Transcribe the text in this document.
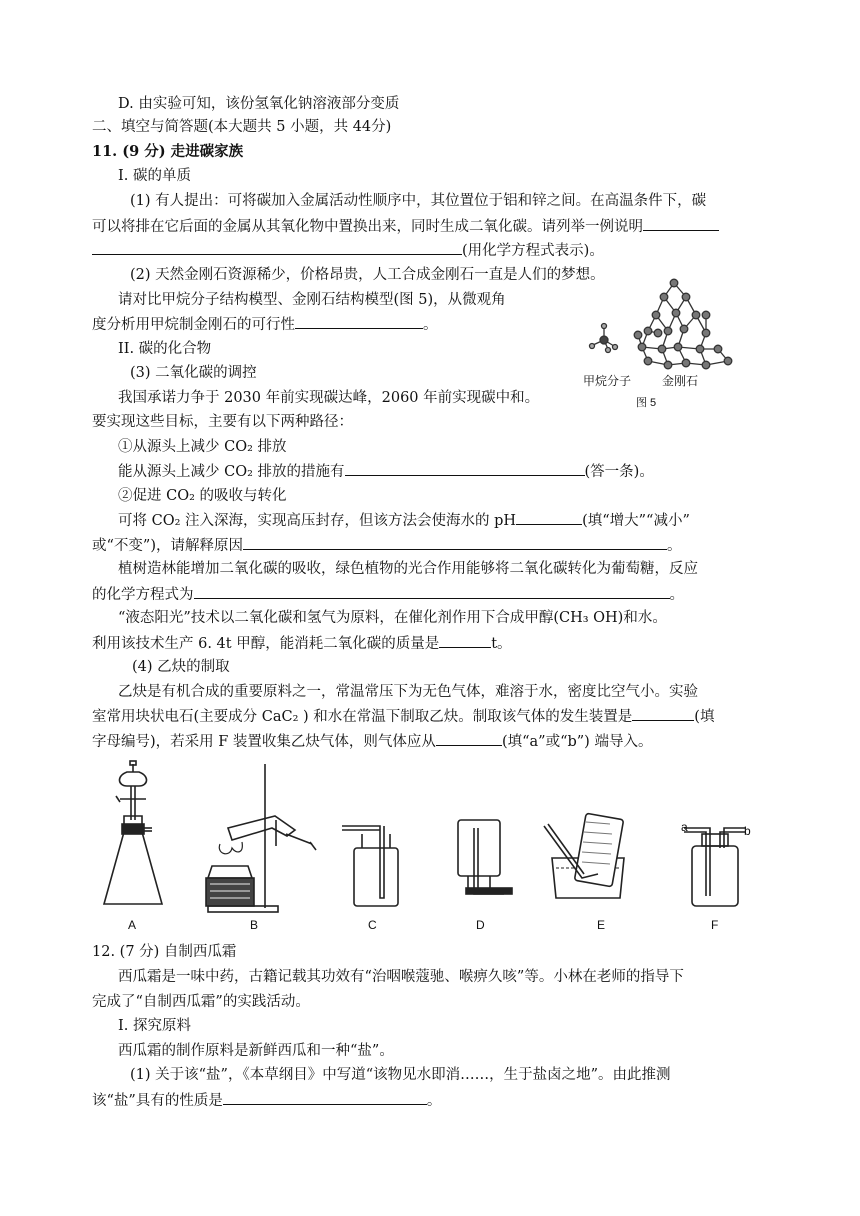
D. 由实验可知，该份氢氧化钠溶液部分变质
二、填空与简答题(本大题共 5 小题，共 44分)
11. (9 分) 走进碳家族
I. 碳的单质
(1) 有人提出：可将碳加入金属活动性顺序中，其位置位于铝和锌之间。在高温条件下，碳
可以将排在它后面的金属从其氧化物中置换出来，同时生成二氧化碳。请列举一例说明
(用化学方程式表示)。
(2) 天然金刚石资源稀少，价格昂贵，人工合成金刚石一直是人们的梦想。
请对比甲烷分子结构模型、金刚石结构模型(图 5)，从微观角
度分析用甲烷制金刚石的可行性	。
II. 碳的化合物
(3) 二氧化碳的调控
我国承诺力争于 2030 年前实现碳达峰，2060 年前实现碳中和。
要实现这些目标，主要有以下两种路径：
①从源头上减少 CO₂ 排放
能从源头上减少 CO₂ 排放的措施有	(答一条)。
②促进 CO₂ 的吸收与转化
可将 CO₂ 注入深海，实现高压封存，但该方法会使海水的 pH	(填“增大”“减小”
或“不变”)，请解释原因	。
植树造林能增加二氧化碳的吸收，绿色植物的光合作用能够将二氧化碳转化为葡萄糖，反应
的化学方程式为	。
“液态阳光”技术以二氧化碳和氢气为原料，在催化剂作用下合成甲醇(CH₃ OH)和水。
利用该技术生产 6. 4t 甲醇，能消耗二氧化碳的质量是	t。
(4) 乙炔的制取
乙炔是有机合成的重要原料之一，常温常压下为无色气体，难溶于水，密度比空气小。实验
室常用块状电石(主要成分 CaC₂ ) 和水在常温下制取乙炔。制取该气体的发生装置是	(填
字母编号)，若采用 F 装置收集乙炔气体，则气体应从	(填“a”或“b”) 端导入。
12. (7 分) 自制西瓜霜
西瓜霜是一味中药，古籍记载其功效有“治咽喉蔻驰、喉痹久咳”等。小林在老师的指导下
完成了“自制西瓜霜”的实践活动。
I. 探究原料
西瓜霜的制作原料是新鲜西瓜和一种“盐”。
(1) 关于该“盐”，《本草纲目》中写道“该物见水即消……，生于盐卤之地”。由此推测
该“盐”具有的性质是	。
甲烷分子	金刚石
图 5
A	B	C	D	E	F
a	b
